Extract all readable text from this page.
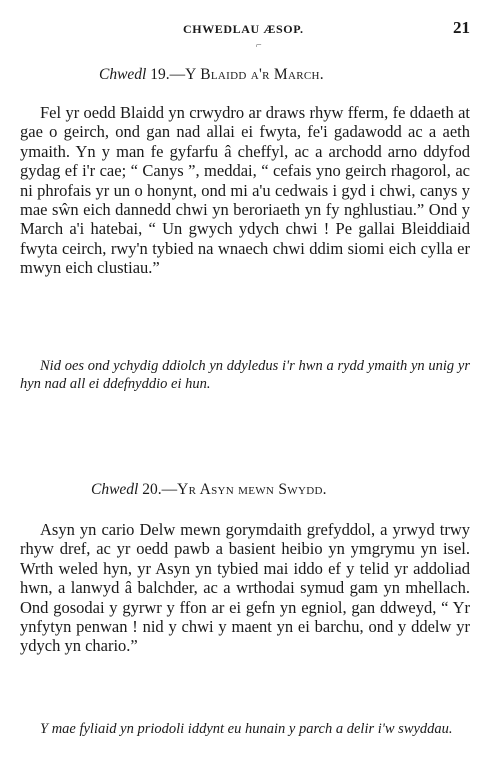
CHWEDLAU ÆSOP.	21
⌐
Chwedl 19.—Y Blaidd a'r March.

Fel yr oedd Blaidd yn crwydro ar draws rhyw fferm, fe ddaeth at gae o geirch, ond gan nad allai ei fwyta, fe'i gadawodd ac a aeth ymaith. Yn y man fe gyfarfu â cheffyl, ac a archodd arno ddyfod gydag ef i'r cae; “ Canys ”, meddai, “ cefais yno geirch rhagorol, ac ni phrofais yr un o honynt, ond mi a'u cedwais i gyd i chwi, canys y mae sŵn eich dannedd chwi yn beroriaeth yn fy nghlustiau.” Ond y March a'i hatebai, “ Un gwych ydych chwi ! Pe gallai Bleiddiaid fwyta ceirch, rwy'n tybied na wnaech chwi ddim siomi eich cylla er mwyn eich clustiau.”

Nid oes ond ychydig ddiolch yn ddyledus i'r hwn a rydd ymaith yn unig yr hyn nad all ei ddefnyddio ei hun.

Chwedl 20.—Yr Asyn mewn Swydd.

Asyn yn cario Delw mewn gorymdaith grefyddol, a yrwyd trwy rhyw dref, ac yr oedd pawb a basient heibio yn ymgrymu yn isel. Wrth weled hyn, yr Asyn yn tybied mai iddo ef y telid yr addoliad hwn, a lanwyd â balchder, ac a wrthodai symud gam yn mhellach. Ond gosodai y gyrwr y ffon ar ei gefn yn egniol, gan ddweyd, “ Yr ynfytyn penwan ! nid y chwi y maent yn ei barchu, ond y ddelw yr ydych yn chario.”

Y mae fyliaid yn priodoli iddynt eu hunain y parch a delir i'w swyddau.
